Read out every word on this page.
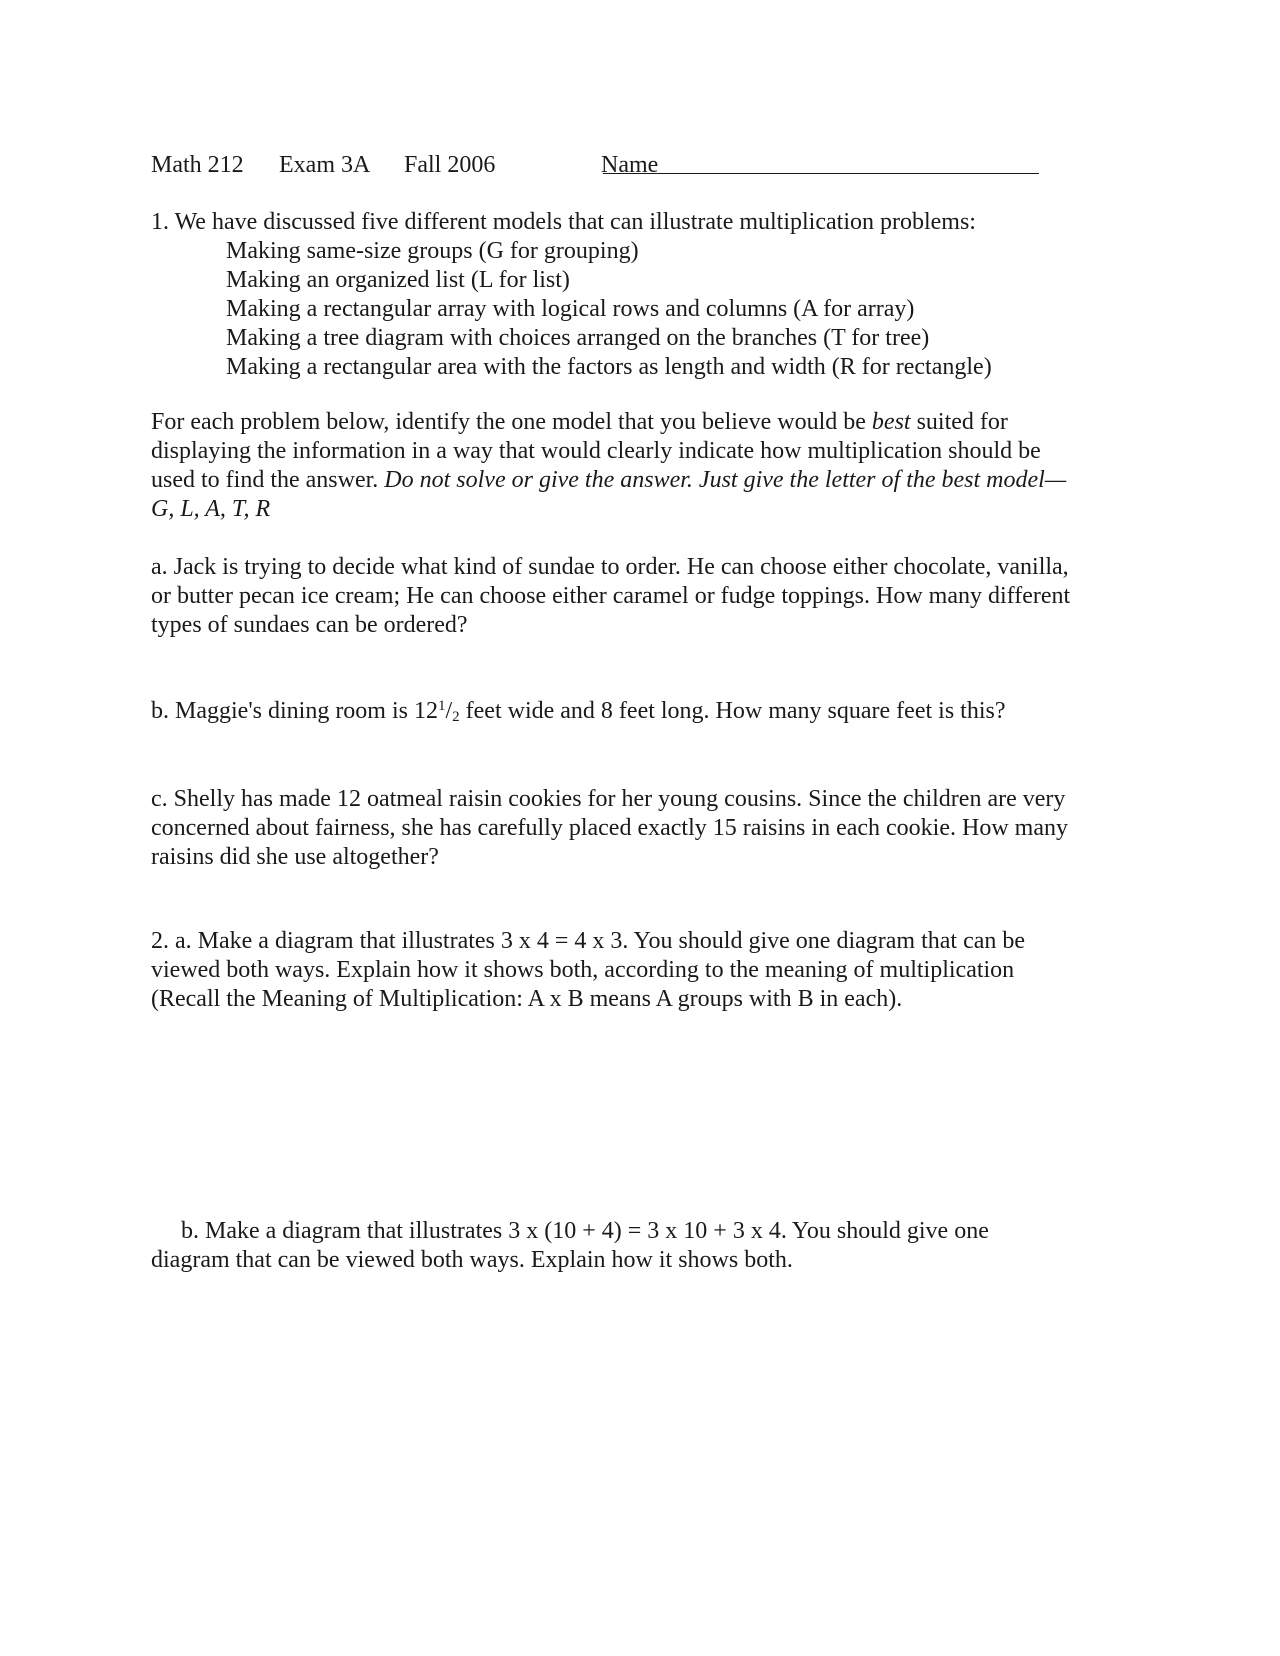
Math 212 Exam 3A Fall 2006	Name
1. We have discussed five different models that can illustrate multiplication problems:
Making same-size groups (G for grouping)
Making an organized list (L for list)
Making a rectangular array with logical rows and columns (A for array)
Making a tree diagram with choices arranged on the branches (T for tree)
Making a rectangular area with the factors as length and width (R for rectangle)
For each problem below, identify the one model that you believe would be best suited for
displaying the information in a way that would clearly indicate how multiplication should be
used to find the answer. Do not solve or give the answer. Just give the letter of the best model—
G, L, A, T, R
a. Jack is trying to decide what kind of sundae to order. He can choose either chocolate, vanilla,
or butter pecan ice cream; He can choose either caramel or fudge toppings. How many different
types of sundaes can be ordered?
b. Maggie's dining room is $12^1/_2$ feet wide and 8 feet long. How many square feet is this?
c. Shelly has made 12 oatmeal raisin cookies for her young cousins. Since the children are very
concerned about fairness, she has carefully placed exactly 15 raisins in each cookie. How many
raisins did she use altogether?
2. a. Make a diagram that illustrates 3 x 4 = 4 x 3. You should give one diagram that can be
viewed both ways. Explain how it shows both, according to the meaning of multiplication
(Recall the Meaning of Multiplication: A x B means A groups with B in each).
b. Make a diagram that illustrates 3 x (10 + 4) = 3 x 10 + 3 x 4. You should give one
diagram that can be viewed both ways. Explain how it shows both.
